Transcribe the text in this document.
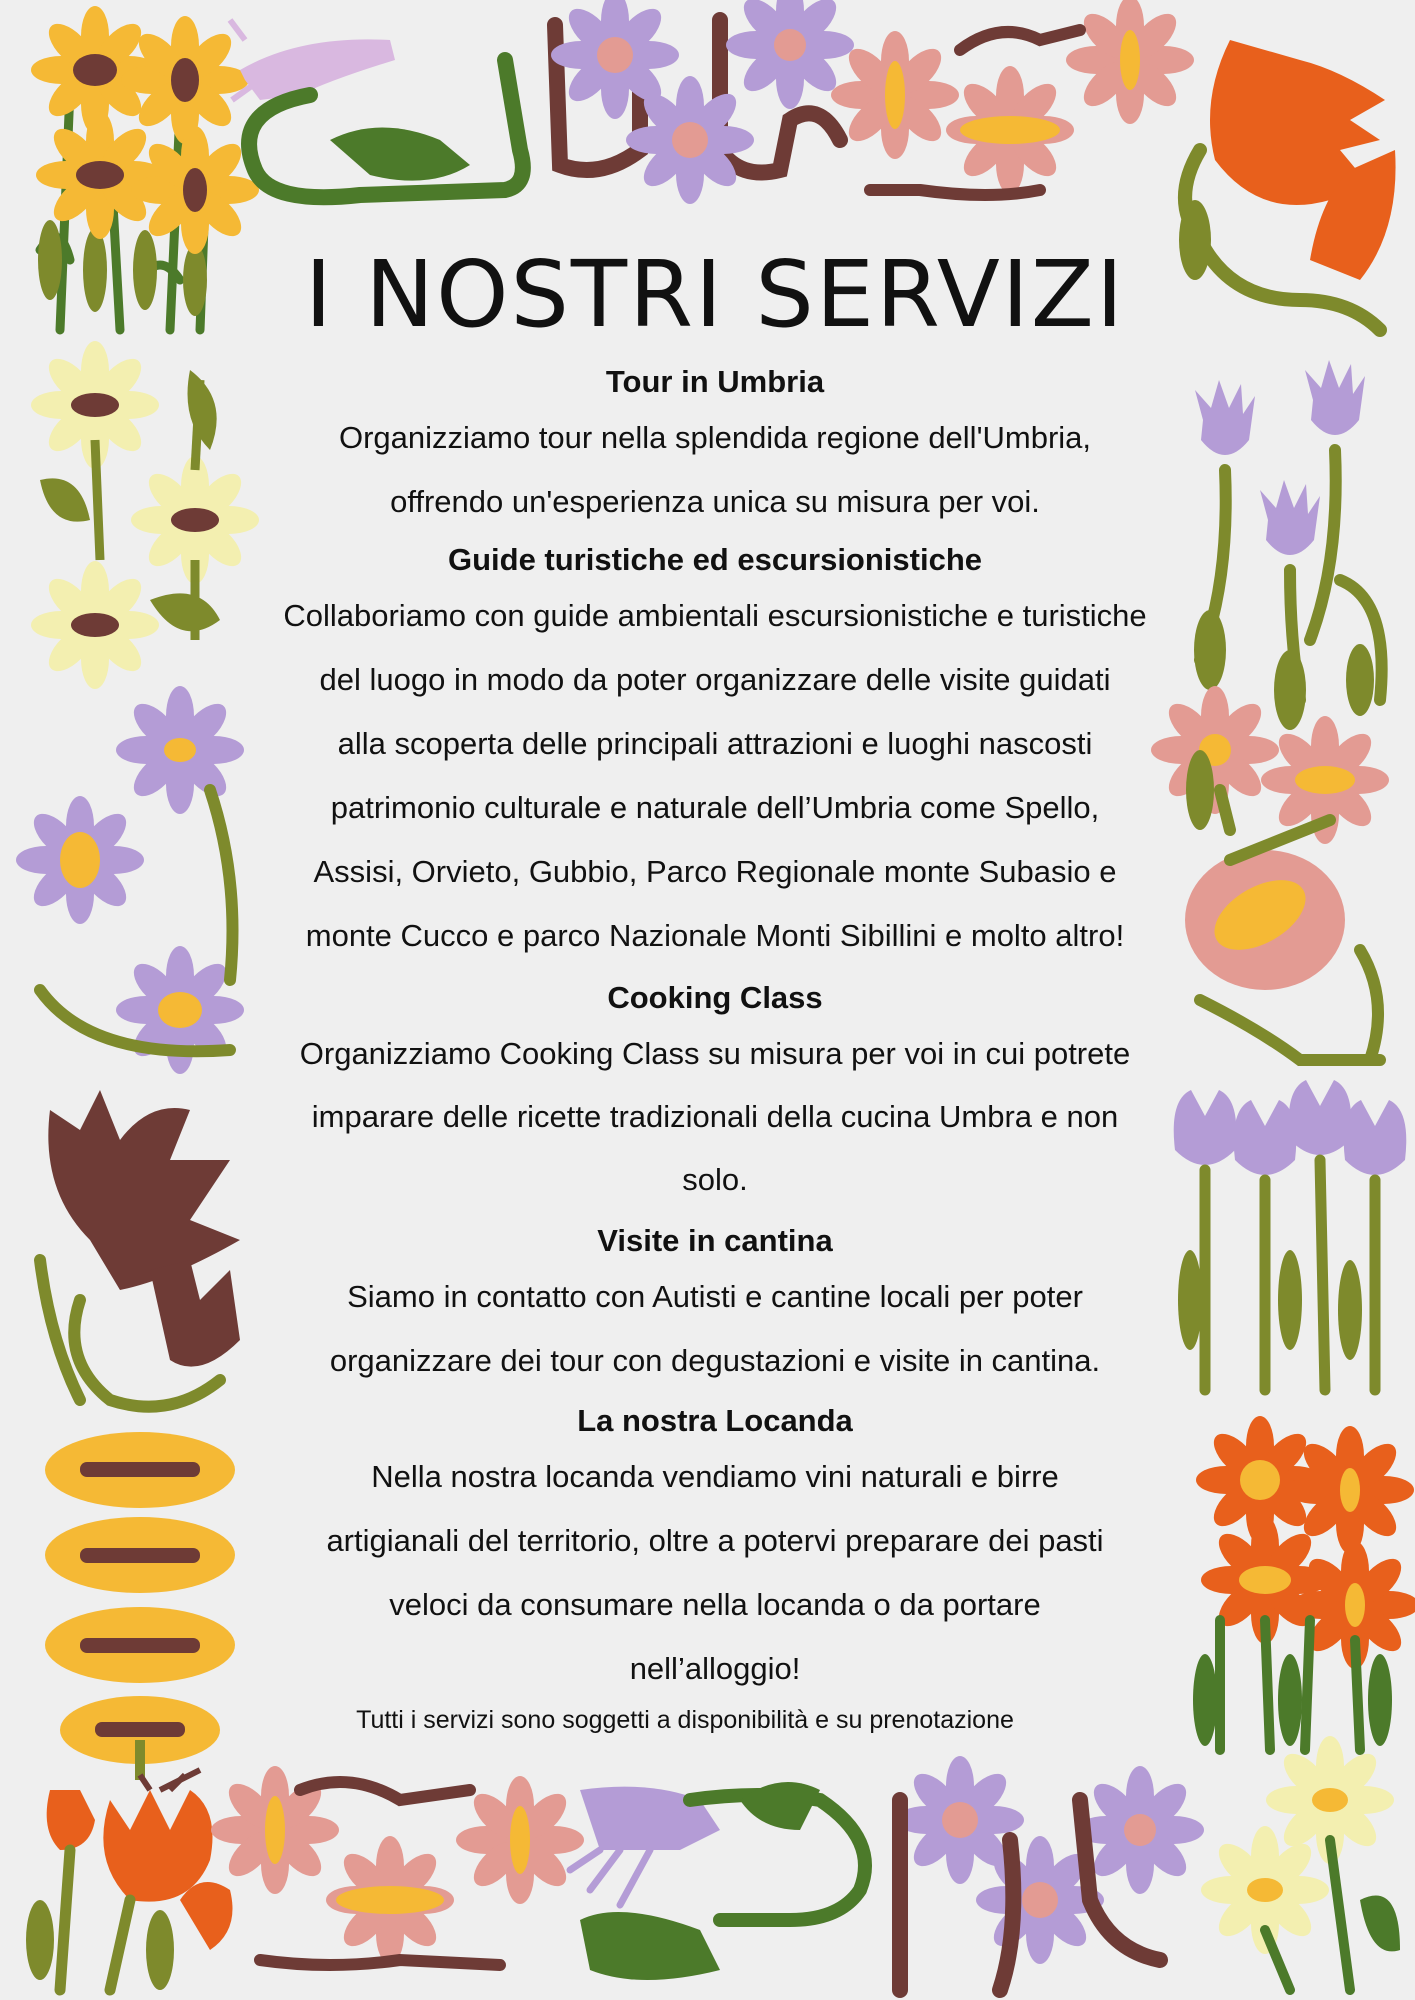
I NOSTRI SERVIZI
Tour in Umbria
Organizziamo tour nella splendida regione dell'Umbria,
offrendo un'esperienza unica su misura per voi.
Guide turistiche ed escursionistiche
Collaboriamo con guide ambientali escursionistiche e turistiche
del luogo in modo da poter organizzare delle visite guidati
alla scoperta delle principali attrazioni e luoghi nascosti
patrimonio culturale e naturale dell’Umbria come Spello,
Assisi, Orvieto, Gubbio, Parco Regionale monte Subasio e
monte Cucco e parco Nazionale Monti Sibillini e molto altro!
Cooking Class
Organizziamo Cooking Class su misura per voi in cui potrete
imparare delle ricette tradizionali della cucina Umbra e non
solo.
Visite in cantina
Siamo in contatto con Autisti e cantine locali per poter
organizzare dei tour con degustazioni e visite in cantina.
La nostra Locanda
Nella nostra locanda vendiamo vini naturali e birre
artigianali del territorio, oltre a potervi preparare dei pasti
veloci da consumare nella locanda o da portare
nell’alloggio!
Tutti i servizi sono soggetti a disponibilità e su prenotazione
